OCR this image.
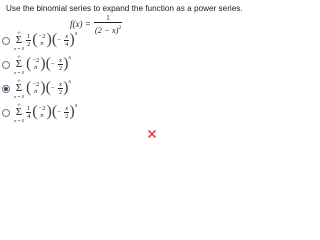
Use the binomial series to expand the function as a power series.
$f(x) = \frac{1}{(2 - x)^2}$
∞
Σ
n = 0
1
2 ( −2
n ) ( − $\frac{x}{4}$ ) n
∞
Σ
n = 0
( −2
n ) ( − $\frac{x}{2}$ ) n
∞
Σ
n = 0
( −2
n ) ( − $\frac{x}{2}$ ) n
∞
Σ
n = 0
1
4 ( −2
n ) ( − $\frac{x}{2}$ ) n
